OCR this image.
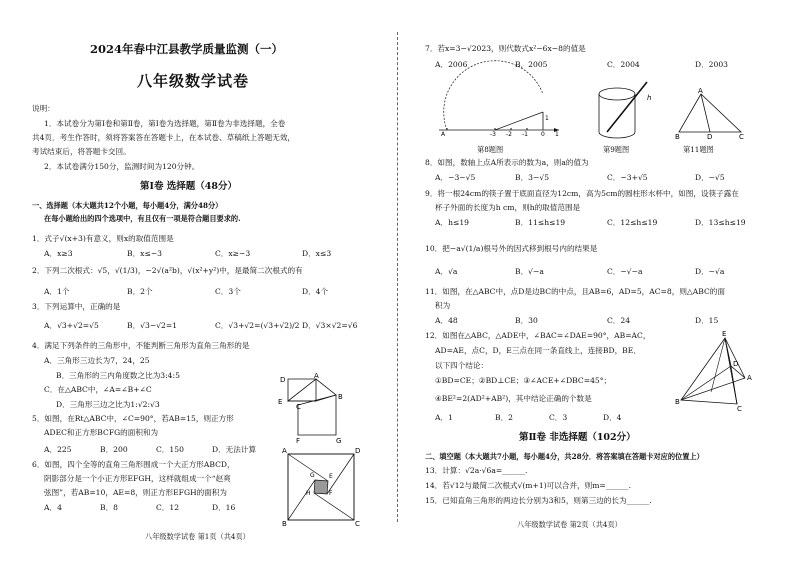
2024年春中江县教学质量监测（一）
八年级数学试卷
说明：
1．本试卷分为第Ⅰ卷和第Ⅱ卷，第Ⅰ卷为选择题，第Ⅱ卷为非选择题，全卷
共4页．考生作答时，须将答案答在答题卡上，在本试卷、草稿纸上答题无效，
考试结束后，将答题卡交回。
2．本试卷满分150分，监测时间为120分钟。
第Ⅰ卷 选择题（48分）
一、选择题（本大题共12个小题，每小题4分，满分48分）
在每小题给出的四个选项中，有且仅有一项是符合题目要求的.
1．式子√(x+3)有意义，则x的取值范围是
A．x≥3	B．x≤−3	C．x≥−3	D．x≤3
2．下列二次根式：√5，√(1/3)，−2√(a²b)，√(x²+y²)中，是最简二次根式的有
A．1个	B．2个	C．3个	D．4个
3．下列运算中，正确的是
A．√3+√2=√5	B．√3−√2=1	C．√3+√2=(√3+√2)/2 D．√3×√2=√6
4．满足下列条件的三角形中，不能判断三角形为直角三角形的是
A．三角形三边长为7，24，25
B．三角形的三内角度数之比为3:4:5
C．在△ABC中，∠A=∠B+∠C
D．三角形三边之比为1:√2:√3
5．如图，在Rt△ABC中，∠C=90°，若AB=15，则正方形
ADEC和正方形BCFG的面积和为
A．225	B．200	C．150	D．无法计算
6．如图，四个全等的直角三角形围成一个大正方形ABCD，
阴影部分是一个小正方形EFGH，这样就组成一个“赵爽
弦图”，若AB=10，AE=8，则正方形EFGH的面积为
A．4	B．8	C．12	D．16
D	A
E
C
B
F	G
A	D
E
F
G
H
B	C
八年级数学试卷 第1页（共4页）
7．若x=3−√2023，则代数式x²−6x−8的值是
A．2006	B．2005	C．2004	D．2003
A	-3 -2 -1 0 1
1
第8题图
h
第9题图
A
B	D	C
第11题图
8．如图，数轴上点A所表示的数为a，则a的值为
A．−3−√5	B．3−√5	C．−3+√5	D．−√5
9．将一根24cm的筷子置于底面直径为12cm，高为5cm的圆柱形水杯中，如图，设筷子露在
杯子外面的长度为h cm，则h的取值范围是
A．h≤19	B．11≤h≤19	C．12≤h≤19	D．13≤h≤19
10．把−a√(1/a)根号外的因式移到根号内的结果是
A．√a	B．√−a	C．−√−a	D．−√a
11．如图，在△ABC中，点D是边BC的中点，且AB=6，AD=5，AC=8，则△ABC的面
积为
A．48	B．30	C．24	D．15
12．如图在△ABC，△ADE中，∠BAC=∠DAE=90°，AB=AC，
AD=AE，点C，D，E三点在同一条直线上，连接BD，BE．
以下四个结论：
①BD=CE；②BD⊥CE；③∠ACE+∠DBC=45°；
④BE²=2(AD²+AB²)，其中结论正确的个数是
A．1	B．2	C．3	D．4
E
A
D
B
C
第Ⅱ卷 非选择题（102分）
二、填空题（本大题共7小题，每小题4分，共28分．将答案填在答题卡对应的位置上）
13．计算：√2a·√6a=______.
14．若√12与最简二次根式√(m+1)可以合并，则m=______.
15．已知直角三角形的两边长分别为3和5，则第三边的长为______.
八年级数学试卷 第2页（共4页）
